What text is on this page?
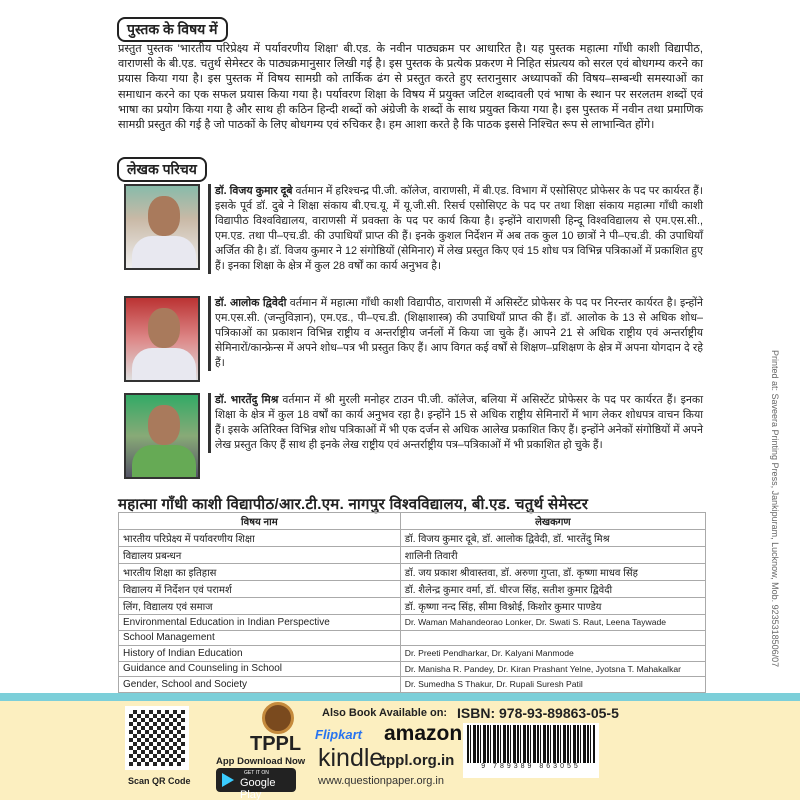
पुस्तक के विषय में

प्रस्तुत पुस्तक 'भारतीय परिप्रेक्ष्य में पर्यावरणीय शिक्षा' बी.एड. के नवीन पाठ्यक्रम पर आधारित है। यह पुस्तक महात्मा गाँधी काशी विद्यापीठ, वाराणसी के बी.एड. चतुर्थ सेमेस्टर के पाठ्यक्रमानुसार लिखी गई है। इस पुस्तक के प्रत्येक प्रकरण मे निहित संप्रत्यय को सरल एवं बोधगम्य करने का प्रयास किया गया है। इस पुस्तक में विषय सामग्री को तार्किक ढंग से प्रस्तुत करते हुए स्तरानुसार अध्यापकों की विषय–सम्बन्धी समस्याओं का समाधान करने का एक सफल प्रयास किया गया है। पर्यावरण शिक्षा के विषय में प्रयुक्त जटिल शब्दावली एवं भाषा के स्थान पर सरलतम शब्दों एवं भाषा का प्रयोग किया गया है और साथ ही कठिन हिन्दी शब्दों को अंग्रेजी के शब्दों के साथ प्रयुक्त किया गया है। इस पुस्तक में नवीन तथा प्रमाणिक सामग्री प्रस्तुत की गई है जो पाठकों के लिए बोधगम्य एवं रुचिकर है। हम आशा करते है कि पाठक इससे निश्चित रूप से लाभान्वित होंगे।

लेखक परिचय

डॉ. विजय कुमार दूबे वर्तमान में हरिश्चन्द्र पी.जी. कॉलेज, वाराणसी, में बी.एड. विभाग में एसोसिएट प्रोफेसर के पद पर कार्यरत हैं। इसके पूर्व डॉ. दुबे ने शिक्षा संकाय बी.एच.यू. में यू.जी.सी. रिसर्च एसोसिएट के पद पर तथा शिक्षा संकाय महात्मा गाँधी काशी विद्यापीठ विश्वविद्यालय, वाराणसी में प्रवक्ता के पद पर कार्य किया है। इन्होंने वाराणसी हिन्दू विश्वविद्यालय से एम.एस.सी., एम.एड. तथा पी–एच.डी. की उपाधियाँ प्राप्त की हैं। इनके कुशल निर्देशन में अब तक कुल 10 छात्रों ने पी–एच.डी. की उपाधियाँ अर्जित की है। डॉ. विजय कुमार ने 12 संगोष्ठियों (सेमिनार) में लेख प्रस्तुत किए एवं 15 शोध पत्र विभिन्न पत्रिकाओं में प्रकाशित हुए हैं। इनका शिक्षा के क्षेत्र में कुल 28 वर्षों का कार्य अनुभव है।

डॉ. आलोक द्विवेदी वर्तमान में महात्मा गाँधी काशी विद्यापीठ, वाराणसी में असिस्टेंट प्रोफेसर के पद पर निरन्तर कार्यरत है। इन्होंने एम.एस.सी. (जन्तुविज्ञान), एम.एड., पी–एच.डी. (शिक्षाशास्त्र) की उपाधियाँ प्राप्त की हैं। डॉ. आलोक के 13 से अधिक शोध–पत्रिकाओं का प्रकाशन विभिन्न राष्ट्रीय व अन्तर्राष्ट्रीय जर्नलों में किया जा चुके हैं। आपने 21 से अधिक राष्ट्रीय एवं अन्तर्राष्ट्रीय सेमिनारों/कान्फ्रेन्स में अपने शोध–पत्र भी प्रस्तुत किए हैं। आप विगत कई वर्षों से शिक्षण–प्रशिक्षण के क्षेत्र में अपना योगदान दे रहे हैं।

डॉ. भारतेंदु मिश्र वर्तमान में श्री मुरली मनोहर टाउन पी.जी. कॉलेज, बलिया में असिस्टेंट प्रोफेसर के पद पर कार्यरत हैं। इनका शिक्षा के क्षेत्र में कुल 18 वर्षों का कार्य अनुभव रहा है। इन्होंने 15 से अधिक राष्ट्रीय सेमिनारों में भाग लेकर शोधपत्र वाचन किया हैं। इसके अतिरिक्त विभिन्न शोध पत्रिकाओं में भी एक दर्जन से अधिक आलेख प्रकाशित किए हैं। इन्होंने अनेकों संगोष्ठियों में अपने लेख प्रस्तुत किए हैं साथ ही इनके लेख राष्ट्रीय एवं अन्तर्राष्ट्रीय पत्र–पत्रिकाओं में भी प्रकाशित हो चुके हैं।

महात्मा गाँधी काशी विद्यापीठ/आर.टी.एम. नागपुर विश्वविद्यालय, बी.एड. चतुर्थ सेमेस्टर
विषय नाम	लेखकगण
भारतीय परिप्रेक्ष्य में पर्यावरणीय शिक्षा	डॉ. विजय कुमार दूबे, डॉ. आलोक द्विवेदी, डॉ. भारतेंदु मिश्र
विद्यालय प्रबन्धन	शालिनी तिवारी
भारतीय शिक्षा का इतिहास	डॉ. जय प्रकाश श्रीवास्तवा, डॉ. अरुणा गुप्ता, डॉ. कृष्णा माधव सिंह
विद्यालय में निर्देशन एवं परामर्श	डॉ. शैलेन्द्र कुमार वर्मा, डॉ. धीरज सिंह, सतीश कुमार द्विवेदी
लिंग, विद्यालय एवं समाज	डॉ. कृष्णा नन्द सिंह, सीमा विश्नोई, किशोर कुमार पाण्डेय
Environmental Education in Indian Perspective	Dr. Waman Mahandeorao Lonker, Dr. Swati S. Raut, Leena Taywade
School Management	
History of Indian Education	Dr. Preeti Pendharkar, Dr. Kalyani Manmode
Guidance and Counseling in School	Dr. Manisha R. Pandey, Dr. Kiran Prashant Yelne, Jyotsna T. Mahakalkar
Gender, School and Society	Dr. Sumedha S Thakur, Dr. Rupali Suresh Patil
Printed at: Saveera Printing Press, Jankipuram, Lucknow, Mob. 9235318506/07
Scan QR Code
TPPL
App Download Now
GET IT ON
Google Play
Also Book Available on:
Flipkart amazon
kindle
tppl.org.in
www.questionpaper.org.in
ISBN: 978-93-89863-05-5
9 789389 863055
